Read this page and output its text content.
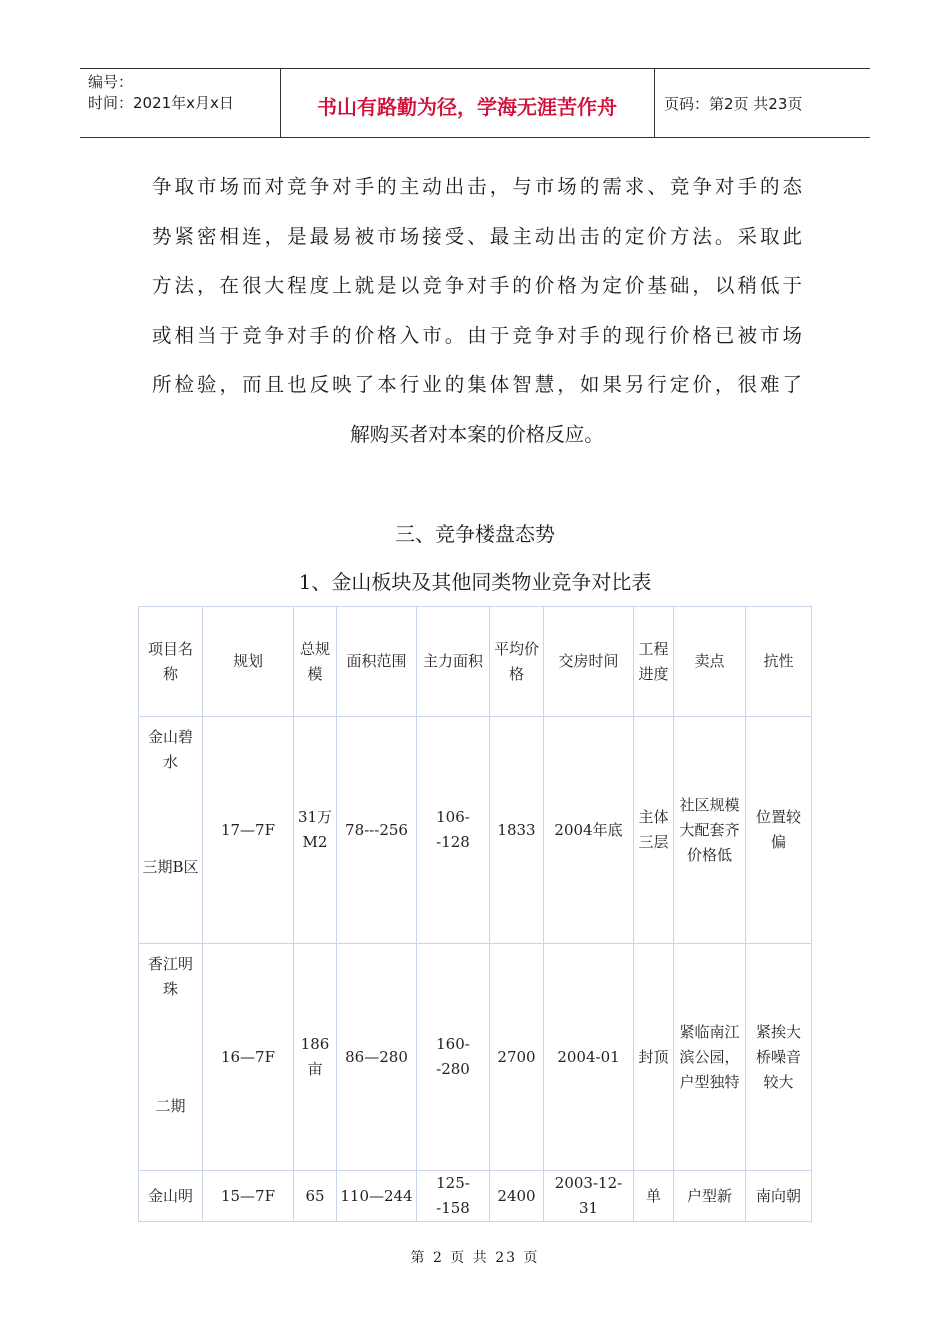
编号：
时间：2021年x月x日	书山有路勤为径，学海无涯苦作舟	页码：第2页 共23页
争取市场而对竞争对手的主动出击，与市场的需求、竞争对手的态
势紧密相连，是最易被市场接受、最主动出击的定价方法。采取此
方法，在很大程度上就是以竞争对手的价格为定价基础，以稍低于
或相当于竞争对手的价格入市。由于竞争对手的现行价格已被市场
所检验，而且也反映了本行业的集体智慧，如果另行定价，很难了
解购买者对本案的价格反应。
三、竞争楼盘态势
1、金山板块及其他同类物业竞争对比表
项目名称	规划	总规模	面积范围	主力面积	平均价格	交房时间	工程进度	卖点	抗性

金山碧水
三期B区	17—7F	31万M2	78---256	106--128	1833	2004年底	主体三层	社区规模大配套齐价格低	位置较偏

香江明珠
二期	16—7F	186亩	86—280	160--280	2700	2004-01	封顶	紧临南江滨公园，户型独特	紧挨大桥噪音较大
金山明	15—7F	65	110—244	125--158	2400	2003-12-31	单	户型新	南向朝
第 2 页 共 23 页
